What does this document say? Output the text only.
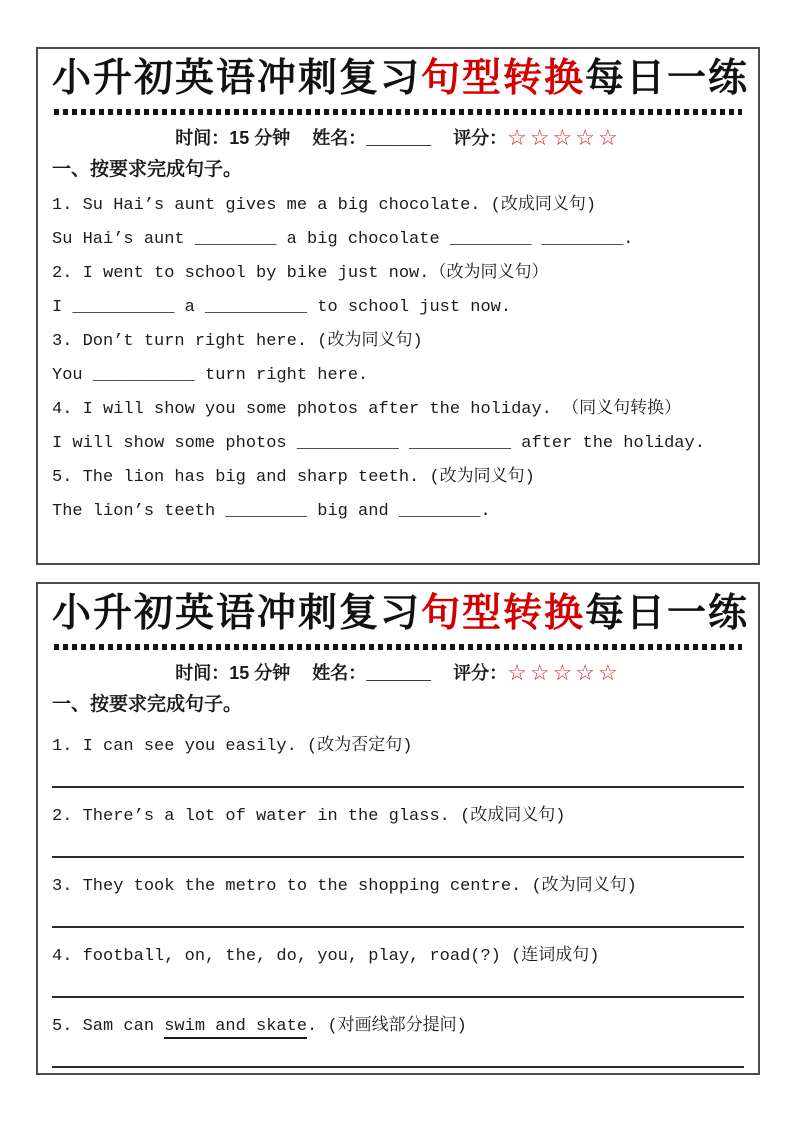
小升初英语冲刺复习句型转换每日一练
时间：15 分钟 姓名：______ 评分：☆☆☆☆☆
一、按要求完成句子。
1. Su Hai’s aunt gives me a big chocolate. (改成同义句)
Su Hai’s aunt ________ a big chocolate ________ ________.
2. I went to school by bike just now.（改为同义句）
I __________ a __________ to school just now.
3. Don’t turn right here. (改为同义句)
You __________ turn right here.
4. I will show you some photos after the holiday. （同义句转换）
I will show some photos __________ __________ after the holiday.
5. The lion has big and sharp teeth. (改为同义句)
The lion’s teeth ________ big and ________.
小升初英语冲刺复习句型转换每日一练
时间：15 分钟 姓名：______ 评分：☆☆☆☆☆
一、按要求完成句子。
1. I can see you easily. (改为否定句)
2. There’s a lot of water in the glass. (改成同义句)
3. They took the metro to the shopping centre. (改为同义句)
4. football, on, the, do, you, play, road(?) (连词成句)
5. Sam can swim and skate. (对画线部分提问)
